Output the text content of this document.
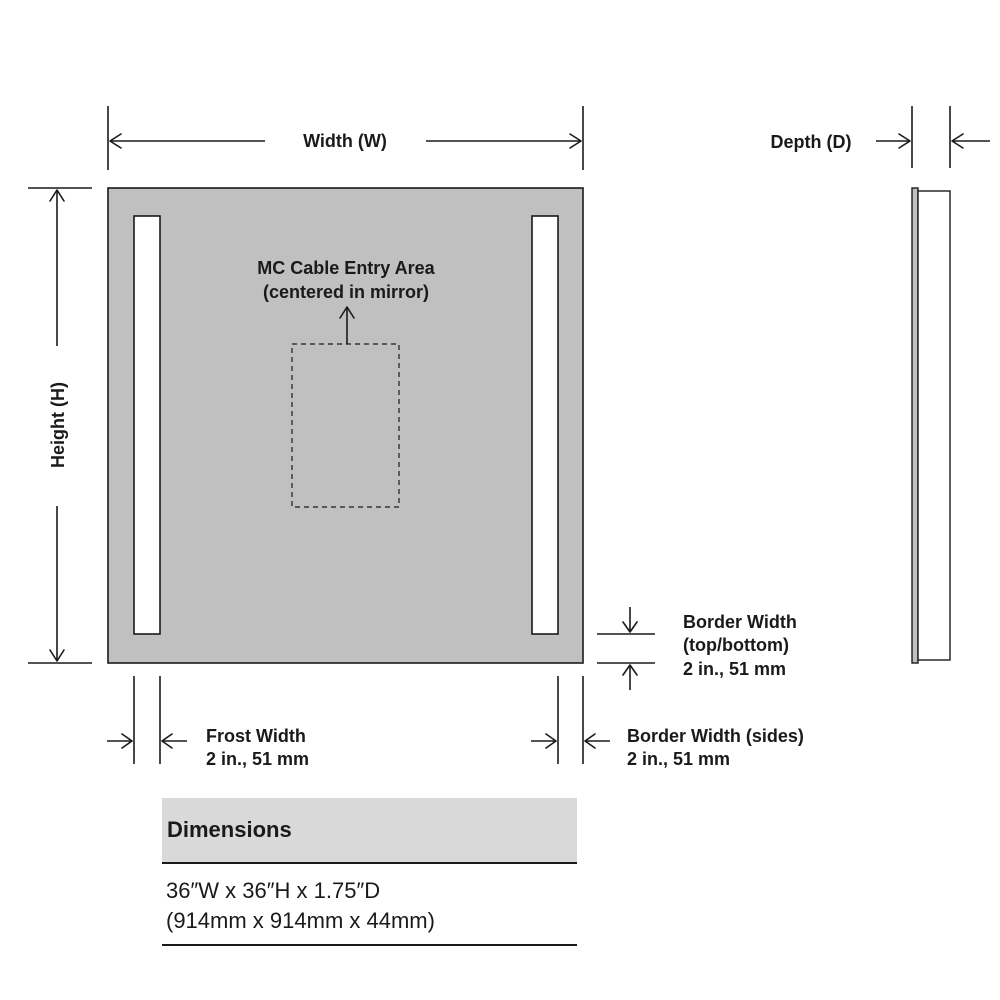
Width (W)	Depth (D)
Height (H)
MC Cable Entry Area
(centered in mirror)
Border Width
(top/bottom)
2 in., 51 mm
Frost Width
2 in., 51 mm
Border Width (sides)
2 in., 51 mm
Dimensions
36″W x 36″H x 1.75″D
(914mm x 914mm x 44mm)
